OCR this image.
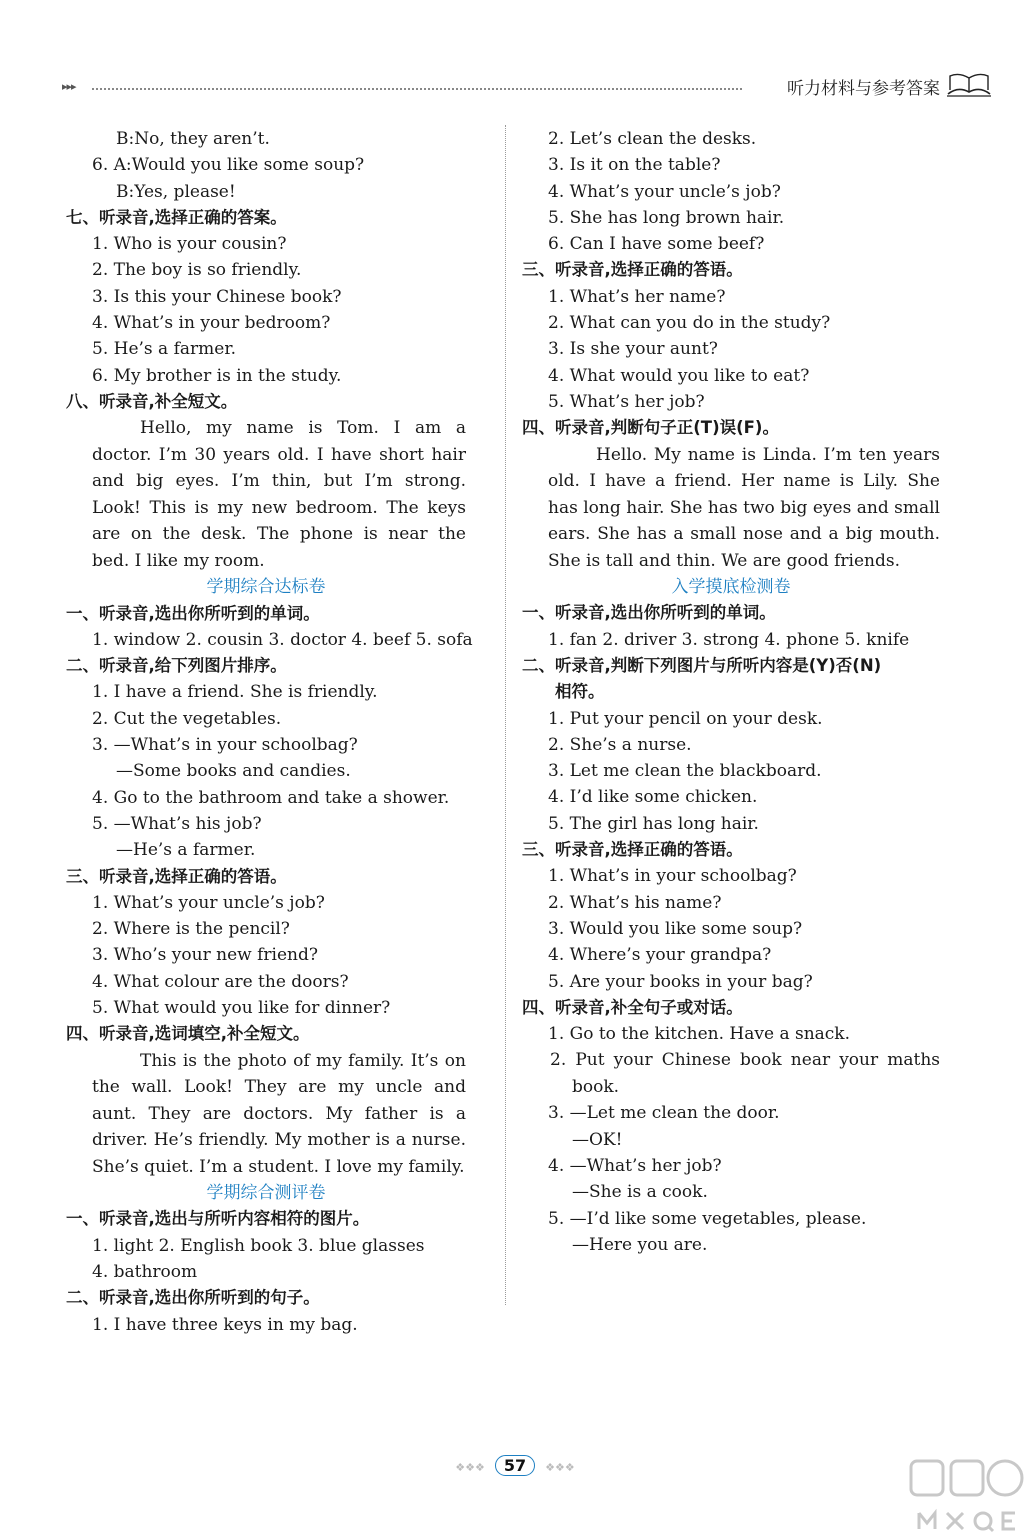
▸▸▸	听力材料与参考答案
B:No, they aren’t.
6. A:Would you like some soup?
B:Yes, please!
七、听录音,选择正确的答案。
1. Who is your cousin?
2. The boy is so friendly.
3. Is this your Chinese book?
4. What’s in your bedroom?
5. He’s a farmer.
6. My brother is in the study.
八、听录音,补全短文。
Hello, my name is Tom. I am a doctor. I’m 30 years old. I have short hair and big eyes. I’m thin, but I’m strong. Look! This is my new bedroom. The keys are on the desk. The phone is near the bed. I like my room.
学期综合达标卷
一、听录音,选出你所听到的单词。
1. window 2. cousin 3. doctor 4. beef 5. sofa
二、听录音,给下列图片排序。
1. I have a friend. She is friendly.
2. Cut the vegetables.
3. —What’s in your schoolbag?
—Some books and candies.
4. Go to the bathroom and take a shower.
5. —What’s his job?
—He’s a farmer.
三、听录音,选择正确的答语。
1. What’s your uncle’s job?
2. Where is the pencil?
3. Who’s your new friend?
4. What colour are the doors?
5. What would you like for dinner?
四、听录音,选词填空,补全短文。
This is the photo of my family. It’s on the wall. Look! They are my uncle and aunt. They are doctors. My father is a driver. He’s friendly. My mother is a nurse. She’s quiet. I’m a student. I love my family.
学期综合测评卷
一、听录音,选出与所听内容相符的图片。
1. light 2. English book 3. blue glasses
4. bathroom
二、听录音,选出你所听到的句子。
1. I have three keys in my bag.
2. Let’s clean the desks.
3. Is it on the table?
4. What’s your uncle’s job?
5. She has long brown hair.
6. Can I have some beef?
三、听录音,选择正确的答语。
1. What’s her name?
2. What can you do in the study?
3. Is she your aunt?
4. What would you like to eat?
5. What’s her job?
四、听录音,判断句子正(T)误(F)。
Hello. My name is Linda. I’m ten years old. I have a friend. Her name is Lily. She has long hair. She has two big eyes and small ears. She has a small nose and a big mouth. She is tall and thin. We are good friends.
入学摸底检测卷
一、听录音,选出你所听到的单词。
1. fan 2. driver 3. strong 4. phone 5. knife
二、听录音,判断下列图片与所听内容是(Y)否(N)
　　相符。
1. Put your pencil on your desk.
2. She’s a nurse.
3. Let me clean the blackboard.
4. I’d like some chicken.
5. The girl has long hair.
三、听录音,选择正确的答语。
1. What’s in your schoolbag?
2. What’s his name?
3. Would you like some soup?
4. Where’s your grandpa?
5. Are your books in your bag?
四、听录音,补全句子或对话。
1. Go to the kitchen. Have a snack.
2. Put your Chinese book near your maths book.
3. —Let me clean the door.
—OK!
4. —What’s her job?
—She is a cook.
5. —I’d like some vegetables, please.
—Here you are.
❖❖❖ 57 ❖❖❖
